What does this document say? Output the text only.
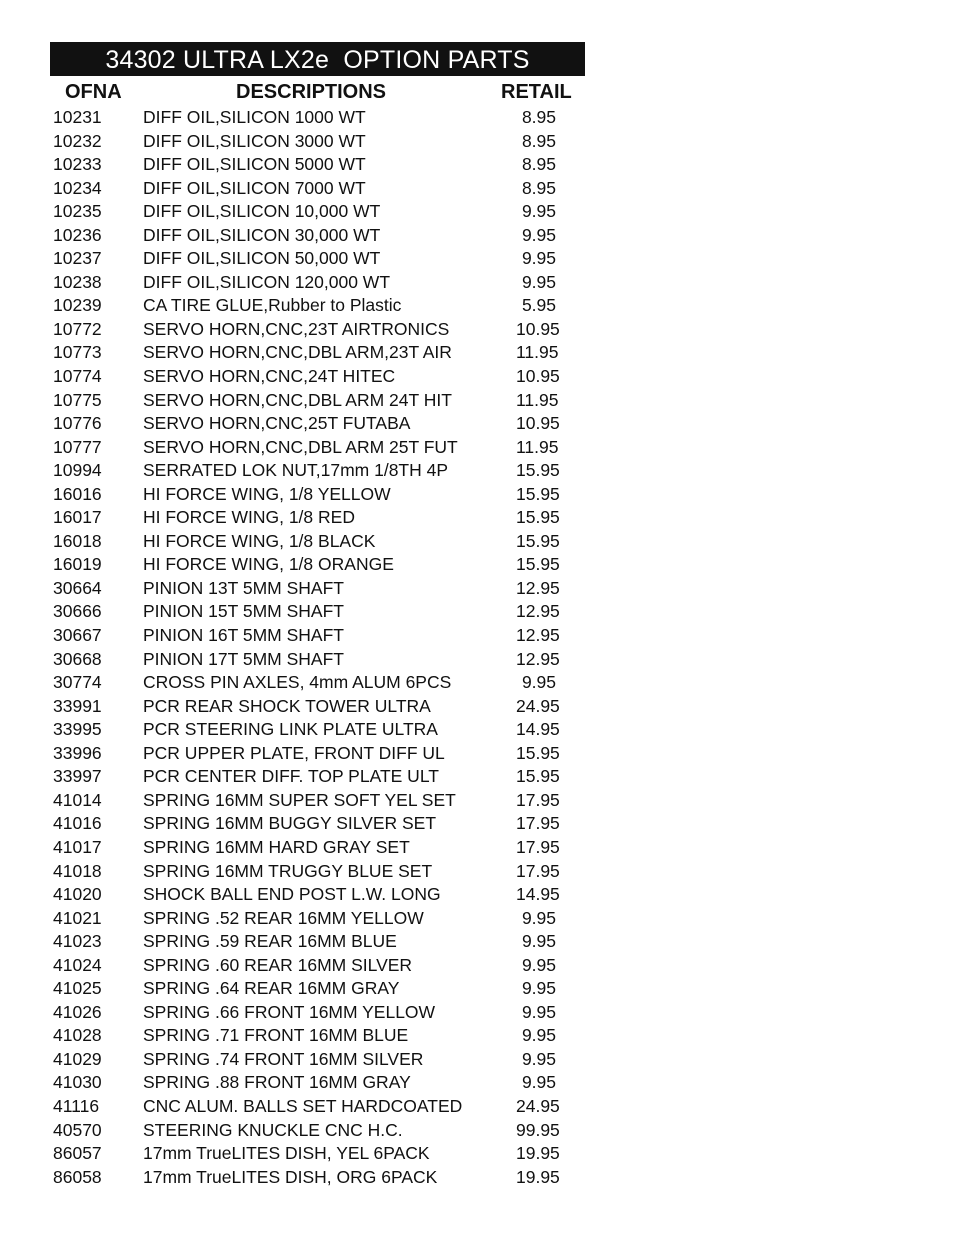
34302 ULTRA LX2e  OPTION PARTS
OFNA	DESCRIPTIONS	RETAIL
10231 DIFF OIL,SILICON 1000 WT	8.95
10232 DIFF OIL,SILICON 3000 WT	8.95
10233 DIFF OIL,SILICON 5000 WT	8.95
10234 DIFF OIL,SILICON 7000 WT	8.95
10235 DIFF OIL,SILICON 10,000 WT	9.95
10236 DIFF OIL,SILICON 30,000 WT	9.95
10237 DIFF OIL,SILICON 50,000 WT	9.95
10238 DIFF OIL,SILICON 120,000 WT	9.95
10239 CA TIRE GLUE,Rubber to Plastic	5.95
10772 SERVO HORN,CNC,23T AIRTRONICS	10.95
10773 SERVO HORN,CNC,DBL ARM,23T AIR	11.95
10774 SERVO HORN,CNC,24T HITEC	10.95
10775 SERVO HORN,CNC,DBL ARM 24T HIT	11.95
10776 SERVO HORN,CNC,25T FUTABA	10.95
10777 SERVO HORN,CNC,DBL ARM 25T FUT	11.95
10994 SERRATED LOK NUT,17mm 1/8TH 4P	15.95
16016 HI FORCE WING, 1/8 YELLOW	15.95
16017 HI FORCE WING, 1/8 RED	15.95
16018 HI FORCE WING, 1/8 BLACK	15.95
16019 HI FORCE WING, 1/8 ORANGE	15.95
30664 PINION 13T 5MM SHAFT	12.95
30666 PINION 15T 5MM SHAFT	12.95
30667 PINION 16T 5MM SHAFT	12.95
30668 PINION 17T 5MM SHAFT	12.95
30774 CROSS PIN AXLES, 4mm ALUM 6PCS	9.95
33991 PCR REAR SHOCK TOWER ULTRA	24.95
33995 PCR STEERING LINK PLATE ULTRA	14.95
33996 PCR UPPER PLATE, FRONT DIFF UL	15.95
33997 PCR CENTER DIFF. TOP PLATE ULT	15.95
41014 SPRING 16MM SUPER SOFT YEL SET	17.95
41016 SPRING 16MM BUGGY SILVER SET	17.95
41017 SPRING 16MM HARD GRAY SET	17.95
41018 SPRING 16MM TRUGGY BLUE SET	17.95
41020 SHOCK BALL END POST L.W. LONG	14.95
41021 SPRING .52 REAR 16MM YELLOW	9.95
41023 SPRING .59 REAR 16MM BLUE	9.95
41024 SPRING .60 REAR 16MM SILVER	9.95
41025 SPRING .64 REAR 16MM GRAY	9.95
41026 SPRING .66 FRONT 16MM YELLOW	9.95
41028 SPRING .71 FRONT 16MM BLUE	9.95
41029 SPRING .74 FRONT 16MM SILVER	9.95
41030 SPRING .88 FRONT 16MM GRAY	9.95
41116	CNC ALUM. BALLS SET HARDCOATED	24.95
40570 STEERING KNUCKLE CNC H.C.	99.95
86057 17mm TrueLITES DISH, YEL 6PACK	19.95
86058 17mm TrueLITES DISH, ORG 6PACK	19.95
